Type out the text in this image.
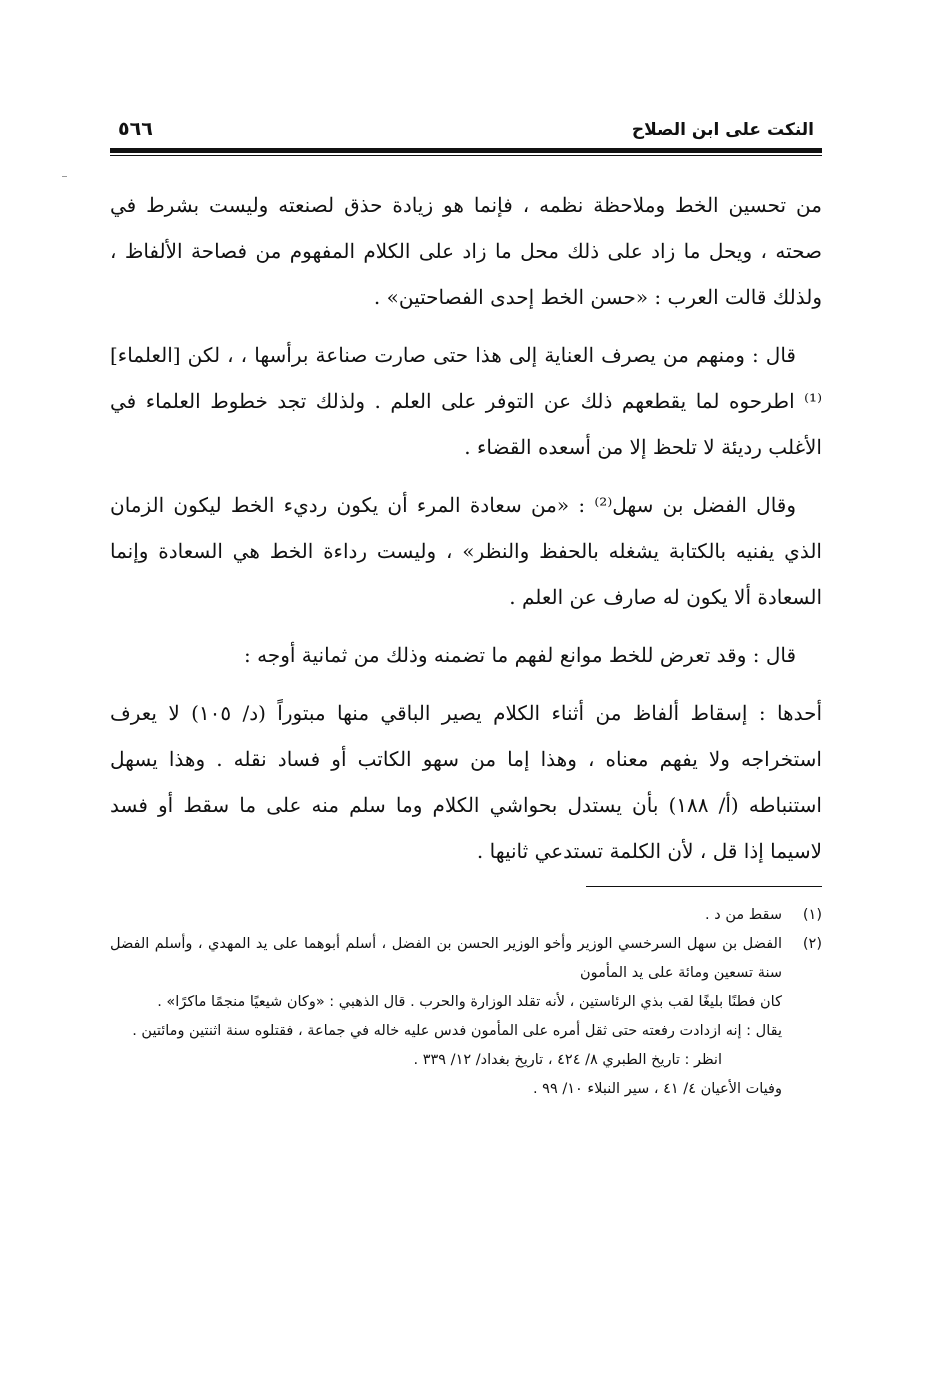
النكت على ابن الصلاح
٥٦٦

من تحسين الخط وملاحظة نظمه ، فإنما هو زيادة حذق لصنعته وليست بشرط في صحته ، ويحل ما زاد على ذلك محل ما زاد على الكلام المفهوم من فصاحة الألفاظ ، ولذلك قالت العرب : «حسن الخط إحدى الفصاحتين» .

قال : ومنهم من يصرف العناية إلى هذا حتى صارت صناعة برأسها ، ، لكن [العلماء]⁽¹⁾ اطرحوه لما يقطعهم ذلك عن التوفر على العلم . ولذلك تجد خطوط العلماء في الأغلب رديئة لا تلحظ إلا من أسعده القضاء .

وقال الفضل بن سهل⁽²⁾ : «من سعادة المرء أن يكون رديء الخط ليكون الزمان الذي يفنيه بالكتابة يشغله بالحفظ والنظر» ، وليست رداءة الخط هي السعادة وإنما السعادة ألا يكون له صارف عن العلم .

قال : وقد تعرض للخط موانع لفهم ما تضمنه وذلك من ثمانية أوجه :

أحدها : إسقاط ألفاظ من أثناء الكلام يصير الباقي منها مبتوراً (د/ ١٠٥) لا يعرف استخراجه ولا يفهم معناه ، وهذا إما من سهو الكاتب أو فساد نقله . وهذا يسهل استنباطه (أ/ ١٨٨) بأن يستدل بحواشي الكلام وما سلم منه على ما سقط أو فسد لاسيما إذا قل ، لأن الكلمة تستدعي ثانيها .

(١)

سقط من د .

(٢)

الفضل بن سهل السرخسي الوزير وأخو الوزير الحسن بن الفضل ، أسلم أبوهما على يد المهدي ، وأسلم الفضل سنة تسعين ومائة على يد المأمون

كان فطنًا بليغًا لقب بذي الرئاستين ، لأنه تقلد الوزارة والحرب . قال الذهبي : «وكان شيعيًا منجمًا ماكرًا» .

يقال : إنه ازدادت رفعته حتى ثقل أمره على المأمون فدس عليه خاله في جماعة ، فقتلوه سنة اثنتين ومائتين .

انظر : تاريخ الطبري ٨/ ٤٢٤ ، تاريخ بغداد/ ١٢/ ٣٣٩ .

وفيات الأعيان ٤/ ٤١ ، سير النبلاء ١٠/ ٩٩ .
